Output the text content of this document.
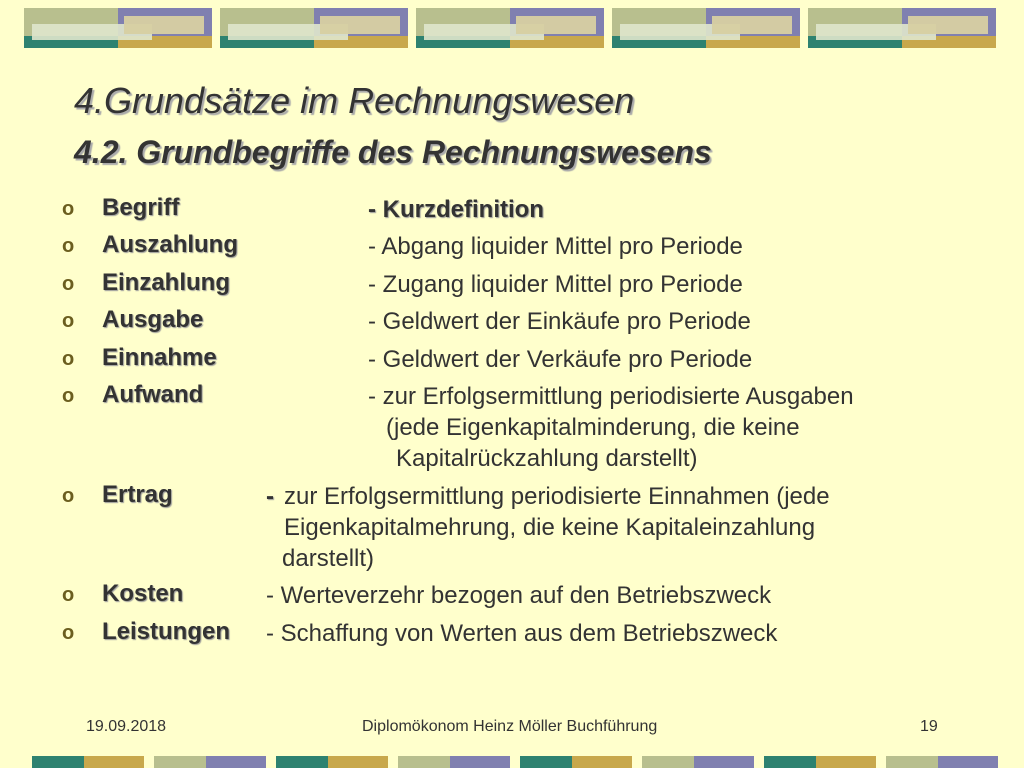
4.Grundsätze im Rechnungswesen
4.2. Grundbegriffe des Rechnungswesens
o Begriff	- Kurzdefinition
o Auszahlung	- Abgang liquider Mittel pro Periode
o Einzahlung	- Zugang liquider Mittel pro Periode
o Ausgabe	- Geldwert der Einkäufe pro Periode
o Einnahme	- Geldwert der Verkäufe pro Periode
o Aufwand	- zur Erfolgsermittlung periodisierte Ausgaben
(jede Eigenkapitalminderung, die keine
Kapitalrückzahlung darstellt)
o Ertrag	- zur Erfolgsermittlung periodisierte Einnahmen (jede
Eigenkapitalmehrung, die keine Kapitaleinzahlung
darstellt)
o Kosten	- Werteverzehr bezogen auf den Betriebszweck
o Leistungen - Schaffung von Werten aus dem Betriebszweck
19.09.2018	Diplomökonom Heinz Möller Buchführung	19
